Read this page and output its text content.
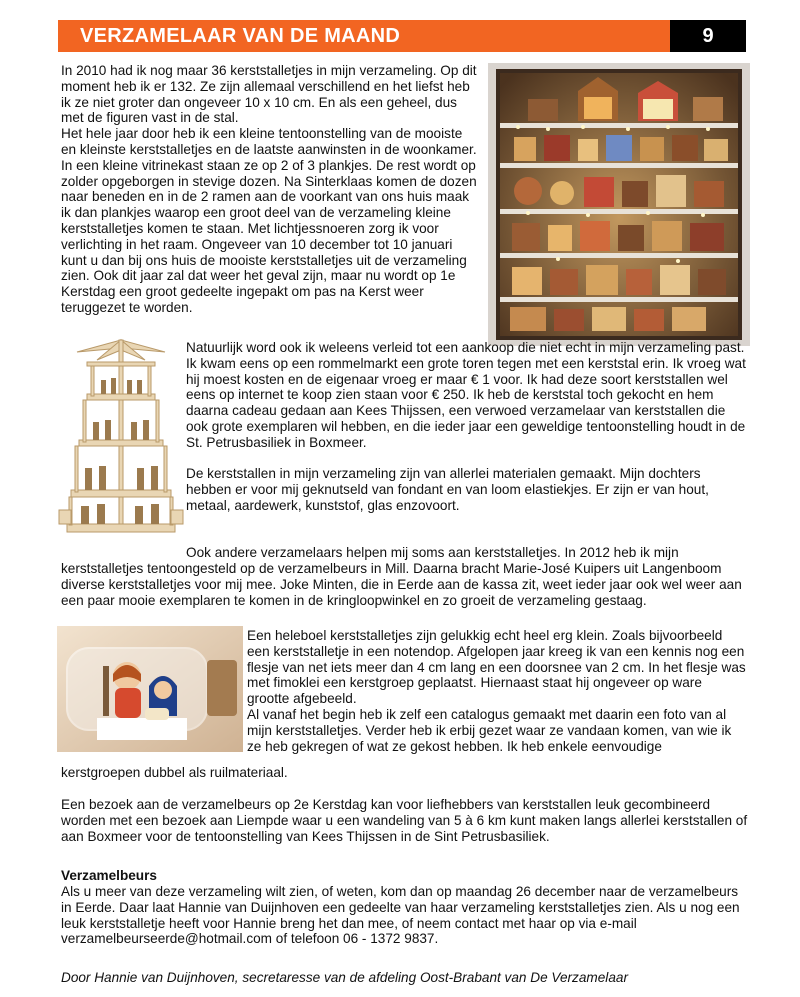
VERZAMELAAR VAN DE MAAND	9

In 2010 had ik nog maar 36 kerststalletjes in mijn verzameling. Op dit moment heb ik er 132. Ze zijn allemaal verschillend en het liefst heb ik ze niet groter dan ongeveer 10 x 10 cm. En als een geheel, dus met de figuren vast in de stal.

Het hele jaar door heb ik een kleine tentoonstelling van de mooiste en kleinste kerststalletjes en de laatste aanwinsten in de woonkamer. In een kleine vitrinekast staan ze op 2 of 3 plankjes. De rest wordt op zolder opgeborgen in stevige dozen. Na Sinterklaas komen de dozen naar beneden en in de 2 ramen aan de voorkant van ons huis maak ik dan plankjes waarop een groot deel van de verzameling kleine kerststalletjes komen te staan. Met lichtjessnoeren zorg ik voor verlichting in het raam. Ongeveer van 10 december tot 10 januari kunt u dan bij ons huis de mooiste kerststalletjes uit de verzameling zien. Ook dit jaar zal dat weer het geval zijn, maar nu wordt op 1e Kerstdag een groot gedeelte ingepakt om pas na Kerst weer teruggezet te worden.

Natuurlijk word ook ik weleens verleid tot een aankoop die niet echt in mijn verzameling past. Ik kwam eens op een rommelmarkt een grote toren tegen met een kerststal erin. Ik vroeg wat hij moest kosten en de eigenaar vroeg er maar € 1 voor. Ik had deze soort kerststallen wel eens op internet te koop zien staan voor € 250. Ik heb de kerststal toch gekocht en hem daarna cadeau gedaan aan Kees Thijssen, een verwoed verzamelaar van kerststallen die ook grote exemplaren wil hebben, en die ieder jaar een geweldige tentoonstelling houdt in de St. Petrusbasiliek in Boxmeer.

De kerststallen in mijn verzameling zijn van allerlei materialen gemaakt. Mijn dochters hebben er voor mij geknutseld van fondant en van loom elastiekjes. Er zijn er van hout, metaal, aardewerk, kunststof, glas enzovoort.

Ook andere verzamelaars helpen mij soms aan kerststalletjes. In 2012 heb ik mijn
kerststalletjes tentoongesteld op de verzamelbeurs in Mill. Daarna bracht Marie-José Kuipers uit Langenboom diverse kerststalletjes voor mij mee. Joke Minten, die in Eerde aan de kassa zit, weet ieder jaar ook wel weer aan een paar mooie exemplaren te komen in de kringloopwinkel en zo groeit de verzameling gestaag.

Een heleboel kerststalletjes zijn gelukkig echt heel erg klein. Zoals bijvoorbeeld een kerststalletje in een notendop. Afgelopen jaar kreeg ik van een kennis nog een flesje van net iets meer dan 4 cm lang en een doorsnee van 2 cm. In het flesje was met fimoklei een kerstgroep geplaatst. Hiernaast staat hij ongeveer op ware grootte afgebeeld.

Al vanaf het begin heb ik zelf een catalogus gemaakt met daarin een foto van al mijn kerststalletjes. Verder heb ik erbij gezet waar ze vandaan komen, van wie ik ze heb gekregen of wat ze gekost hebben. Ik heb enkele eenvoudige

kerstgroepen dubbel als ruilmateriaal.
Een bezoek aan de verzamelbeurs op 2e Kerstdag kan voor liefhebbers van kerststallen leuk gecombineerd worden met een bezoek aan Liempde waar u een wandeling van 5 à 6 km kunt maken langs allerlei kerststallen of aan Boxmeer voor de tentoonstelling van Kees Thijssen in de Sint Petrusbasiliek.
Verzamelbeurs
Als u meer van deze verzameling wilt zien, of weten, kom dan op maandag 26 december naar de verzamelbeurs in Eerde. Daar laat Hannie van Duijnhoven een gedeelte van haar verzameling kerststalletjes zien. Als u nog een leuk kerststalletje heeft voor Hannie breng het dan mee, of neem contact met haar op via e-mail verzamelbeurseerde@hotmail.com of telefoon 06 - 1372 9837.
Door Hannie van Duijnhoven, secretaresse van de afdeling Oost-Brabant van De Verzamelaar
